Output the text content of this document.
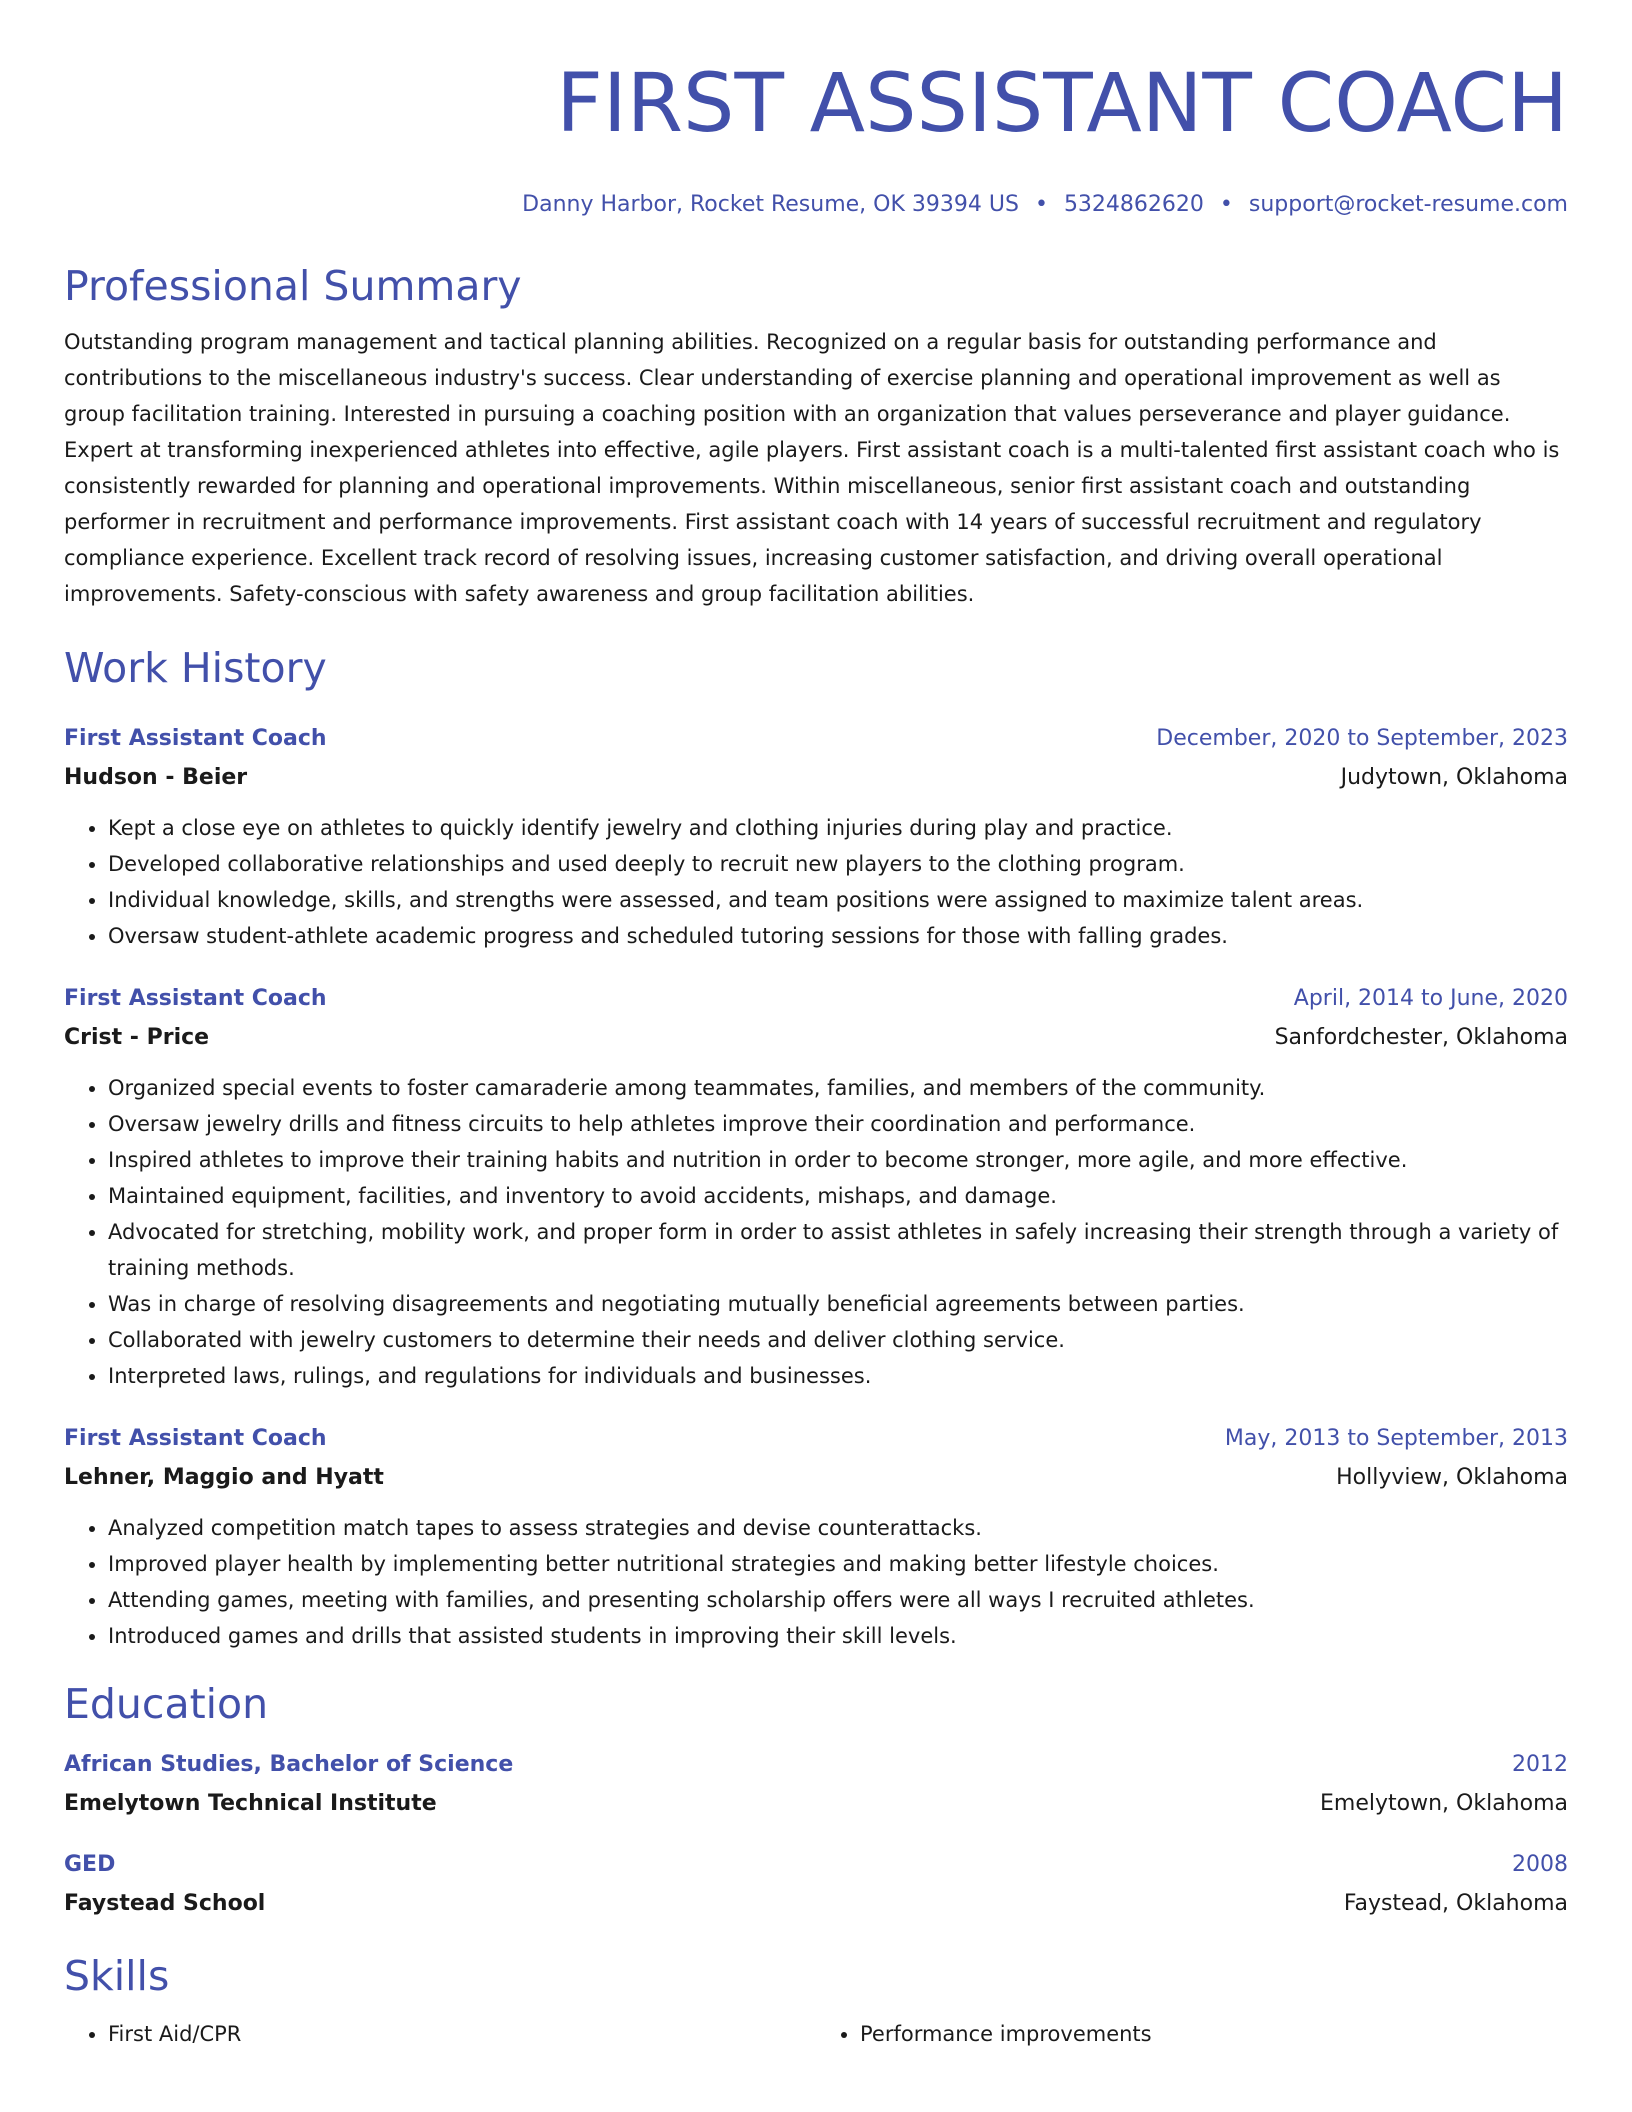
FIRST ASSISTANT COACH
Danny Harbor, Rocket Resume, OK 39394 US • 5324862620 • support@rocket-resume.com
Professional Summary
Outstanding program management and tactical planning abilities. Recognized on a regular basis for outstanding performance and contributions to the miscellaneous industry's success. Clear understanding of exercise planning and operational improvement as well as group facilitation training. Interested in pursuing a coaching position with an organization that values perseverance and player guidance. Expert at transforming inexperienced athletes into effective, agile players. First assistant coach is a multi-talented first assistant coach who is consistently rewarded for planning and operational improvements. Within miscellaneous, senior first assistant coach and outstanding performer in recruitment and performance improvements. First assistant coach with 14 years of successful recruitment and regulatory compliance experience. Excellent track record of resolving issues, increasing customer satisfaction, and driving overall operational improvements. Safety-conscious with safety awareness and group facilitation abilities.
Work History
First Assistant Coach	December, 2020 to September, 2023
Hudson - Beier	Judytown, Oklahoma
• Kept a close eye on athletes to quickly identify jewelry and clothing injuries during play and practice.
• Developed collaborative relationships and used deeply to recruit new players to the clothing program.
• Individual knowledge, skills, and strengths were assessed, and team positions were assigned to maximize talent areas.
• Oversaw student-athlete academic progress and scheduled tutoring sessions for those with falling grades.
First Assistant Coach	April, 2014 to June, 2020
Crist - Price	Sanfordchester, Oklahoma
• Organized special events to foster camaraderie among teammates, families, and members of the community.
• Oversaw jewelry drills and fitness circuits to help athletes improve their coordination and performance.
• Inspired athletes to improve their training habits and nutrition in order to become stronger, more agile, and more effective.
• Maintained equipment, facilities, and inventory to avoid accidents, mishaps, and damage.
• Advocated for stretching, mobility work, and proper form in order to assist athletes in safely increasing their strength through a variety of training methods.
• Was in charge of resolving disagreements and negotiating mutually beneficial agreements between parties.
• Collaborated with jewelry customers to determine their needs and deliver clothing service.
• Interpreted laws, rulings, and regulations for individuals and businesses.
First Assistant Coach	May, 2013 to September, 2013
Lehner, Maggio and Hyatt	Hollyview, Oklahoma
• Analyzed competition match tapes to assess strategies and devise counterattacks.
• Improved player health by implementing better nutritional strategies and making better lifestyle choices.
• Attending games, meeting with families, and presenting scholarship offers were all ways I recruited athletes.
• Introduced games and drills that assisted students in improving their skill levels.
Education
African Studies, Bachelor of Science	2012
Emelytown Technical Institute	Emelytown, Oklahoma
GED	2008
Faystead School	Faystead, Oklahoma
Skills
• First Aid/CPR
•	Performance improvements
